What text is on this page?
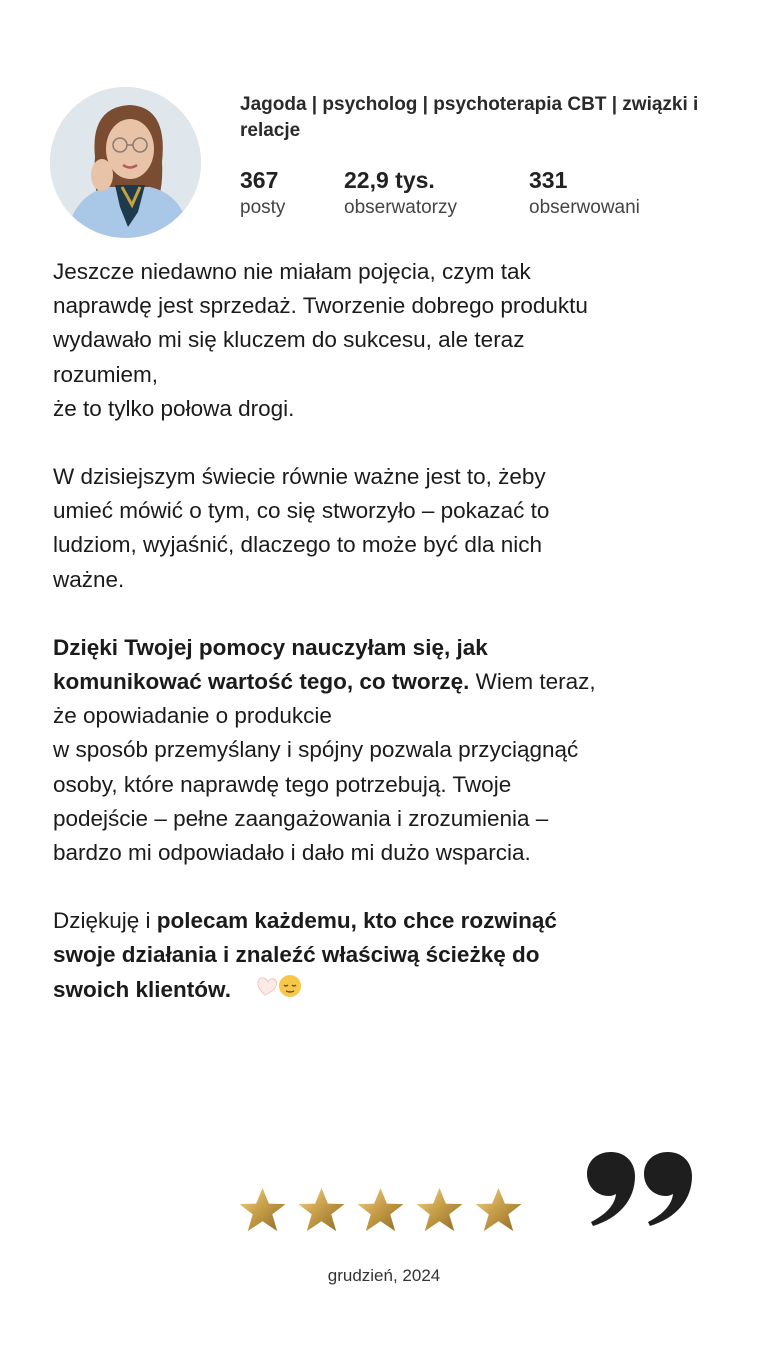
Jagoda | psycholog | psychoterapia CBT | związki i relacje
367
posty
22,9 tys.
obserwatorzy
331
obserwowani

Jeszcze niedawno nie miałam pojęcia, czym tak
naprawdę jest sprzedaż. Tworzenie dobrego produktu
wydawało mi się kluczem do sukcesu, ale teraz
rozumiem,
że to tylko połowa drogi.

W dzisiejszym świecie równie ważne jest to, żeby
umieć mówić o tym, co się stworzyło – pokazać to
ludziom, wyjaśnić, dlaczego to może być dla nich
ważne.

Dzięki Twojej pomocy nauczyłam się, jak
komunikować wartość tego, co tworzę. Wiem teraz,
że opowiadanie o produkcie
w sposób przemyślany i spójny pozwala przyciągnąć
osoby, które naprawdę tego potrzebują. Twoje
podejście – pełne zaangażowania i zrozumienia –
bardzo mi odpowiadało i dało mi dużo wsparcia.

Dziękuję i polecam każdemu, kto chce rozwinąć
swoje działania i znaleźć właściwą ścieżkę do
swoich klientów.

grudzień, 2024
